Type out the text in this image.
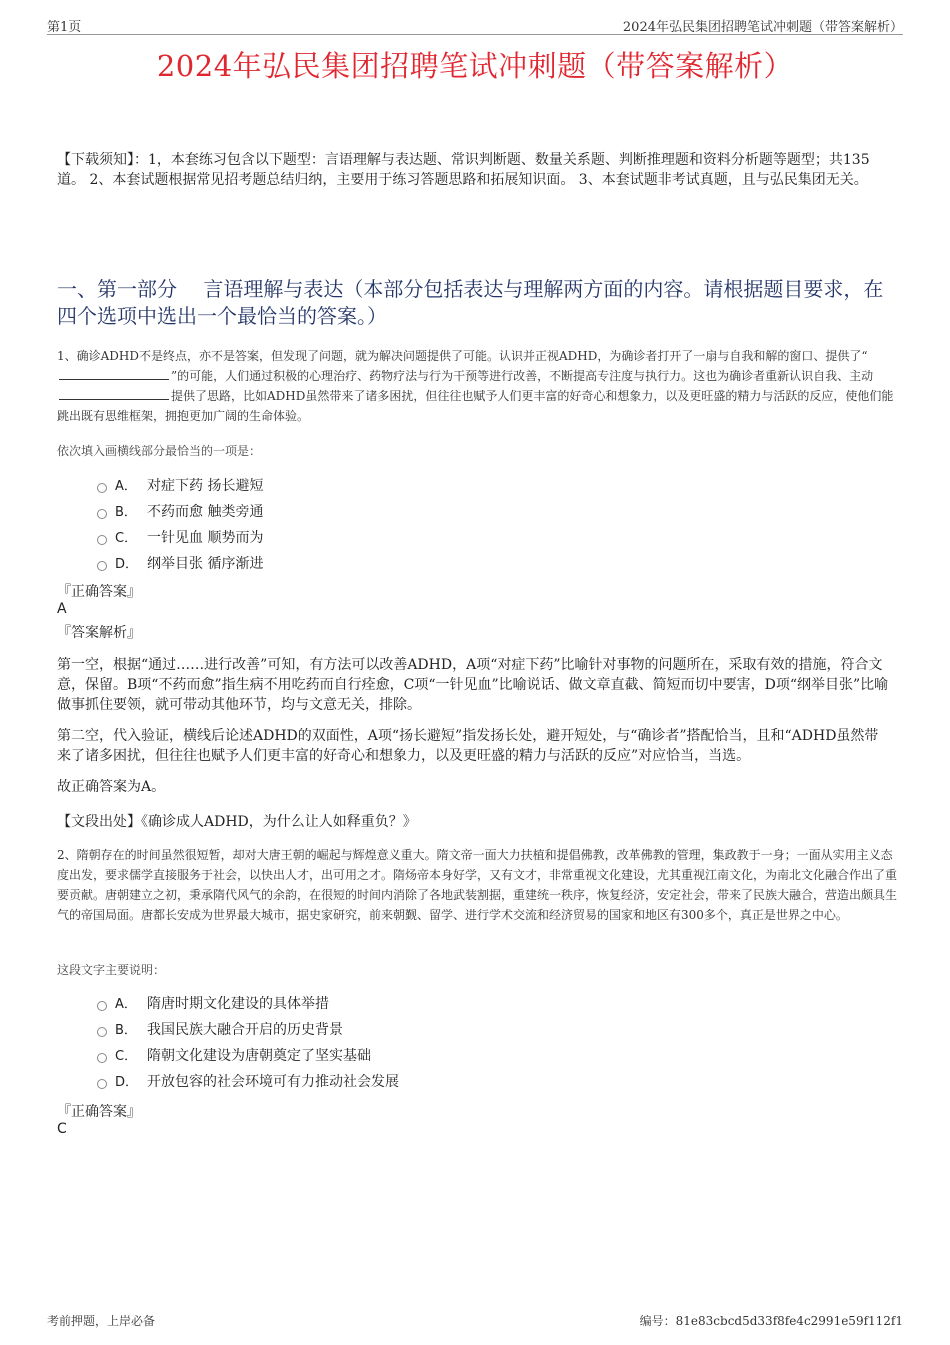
第1页	2024年弘民集团招聘笔试冲刺题（带答案解析）
2024年弘民集团招聘笔试冲刺题（带答案解析）
【下载须知】：1，本套练习包含以下题型：言语理解与表达题、常识判断题、数量关系题、判断推理题和资料分析题等题型；共135道。 2、本套试题根据常见招考题总结归纳，主要用于练习答题思路和拓展知识面。 3、本套试题非考试真题，且与弘民集团无关。
一、第一部分　 言语理解与表达（本部分包括表达与理解两方面的内容。请根据题目要求，在四个选项中选出一个最恰当的答案。）
1、确诊ADHD不是终点，亦不是答案，但发现了问题，就为解决问题提供了可能。认识并正视ADHD，为确诊者打开了一扇与自我和解的窗口、提供了“”的可能，人们通过积极的心理治疗、药物疗法与行为干预等进行改善，不断提高专注度与执行力。这也为确诊者重新认识自我、主动提供了思路，比如ADHD虽然带来了诸多困扰，但往往也赋予人们更丰富的好奇心和想象力，以及更旺盛的精力与活跃的反应，使他们能跳出既有思维框架，拥抱更加广阔的生命体验。
依次填入画横线部分最恰当的一项是：
A． 对症下药 扬长避短
B． 不药而愈 触类旁通
C． 一针见血 顺势而为
D． 纲举目张 循序渐进
『正确答案』
A
『答案解析』
第一空，根据“通过……进行改善”可知，有方法可以改善ADHD，A项“对症下药”比喻针对事物的问题所在，采取有效的措施，符合文意，保留。B项“不药而愈”指生病不用吃药而自行痊愈，C项“一针见血”比喻说话、做文章直截、简短而切中要害，D项“纲举目张”比喻做事抓住要领，就可带动其他环节，均与文意无关，排除。
第二空，代入验证，横线后论述ADHD的双面性，A项“扬长避短”指发扬长处，避开短处，与“确诊者”搭配恰当，且和“ADHD虽然带来了诸多困扰，但往往也赋予人们更丰富的好奇心和想象力，以及更旺盛的精力与活跃的反应”对应恰当，当选。
故正确答案为A。
【文段出处】《确诊成人ADHD，为什么让人如释重负？》
2、隋朝存在的时间虽然很短暂，却对大唐王朝的崛起与辉煌意义重大。隋文帝一面大力扶植和提倡佛教，改革佛教的管理，集政教于一身；一面从实用主义态度出发，要求儒学直接服务于社会，以快出人才，出可用之才。隋炀帝本身好学，又有文才，非常重视文化建设，尤其重视江南文化，为南北文化融合作出了重要贡献。唐朝建立之初，秉承隋代风气的余韵，在很短的时间内消除了各地武装割据，重建统一秩序，恢复经济，安定社会，带来了民族大融合，营造出颇具生气的帝国局面。唐都长安成为世界最大城市，据史家研究，前来朝觐、留学、进行学术交流和经济贸易的国家和地区有300多个，真正是世界之中心。
这段文字主要说明：
A． 隋唐时期文化建设的具体举措
B． 我国民族大融合开启的历史背景
C． 隋朝文化建设为唐朝奠定了坚实基础
D． 开放包容的社会环境可有力推动社会发展
『正确答案』
C
考前押题，上岸必备	编号：81e83cbcd5d33f8fe4c2991e59f112f1
